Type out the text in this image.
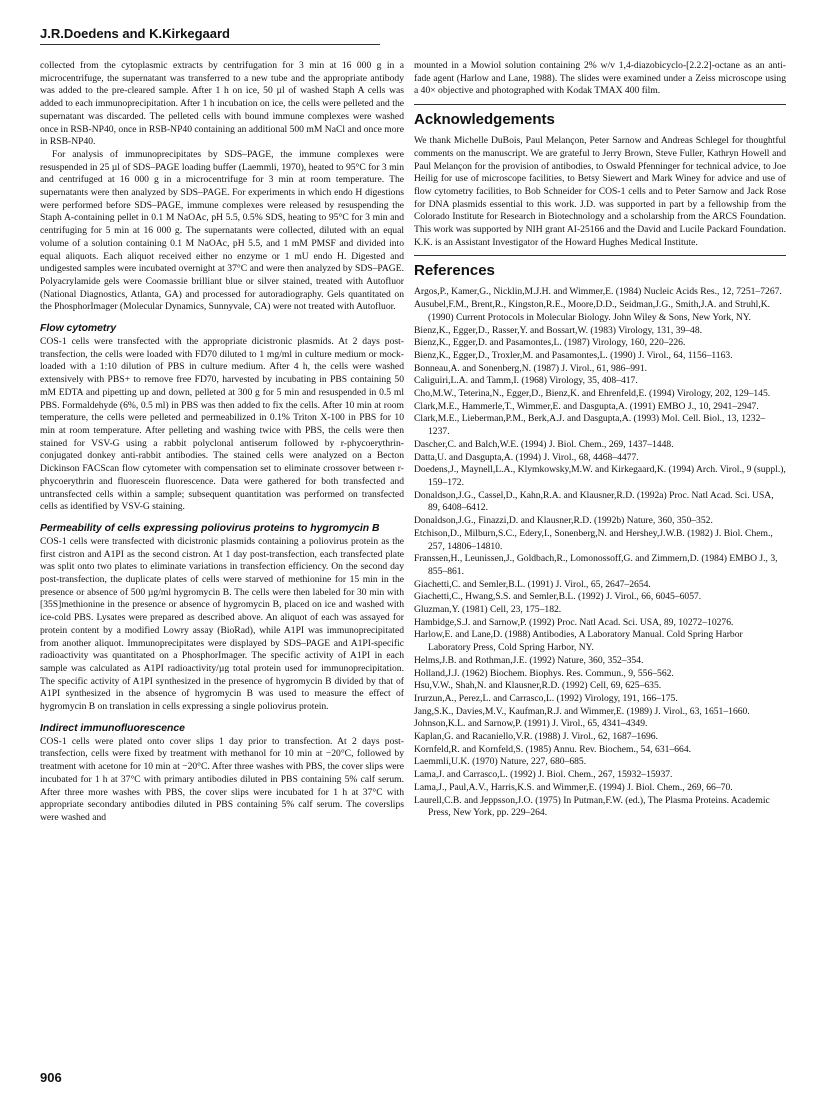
J.R.Doedens and K.Kirkegaard

collected from the cytoplasmic extracts by centrifugation for 3 min at 16 000 g in a microcentrifuge, the supernatant was transferred to a new tube and the appropriate antibody was added to the pre-cleared sample. After 1 h on ice, 50 µl of washed Staph A cells was added to each immunoprecipitation. After 1 h incubation on ice, the cells were pelleted and the supernatant was discarded. The pelleted cells with bound immune complexes were washed once in RSB-NP40, once in RSB-NP40 containing an additional 500 mM NaCl and once more in RSB-NP40.

For analysis of immunoprecipitates by SDS–PAGE, the immune complexes were resuspended in 25 µl of SDS–PAGE loading buffer (Laemmli, 1970), heated to 95°C for 3 min and centrifuged at 16 000 g in a microcentrifuge for 3 min at room temperature. The supernatants were then analyzed by SDS–PAGE. For experiments in which endo H digestions were performed before SDS–PAGE, immune complexes were released by resuspending the Staph A-containing pellet in 0.1 M NaOAc, pH 5.5, 0.5% SDS, heating to 95°C for 3 min and centrifuging for 5 min at 16 000 g. The supernatants were collected, diluted with an equal volume of a solution containing 0.1 M NaOAc, pH 5.5, and 1 mM PMSF and divided into equal aliquots. Each aliquot received either no enzyme or 1 mU endo H. Digested and undigested samples were incubated overnight at 37°C and were then analyzed by SDS–PAGE. Polyacrylamide gels were Coomassie brilliant blue or silver stained, treated with Autofluor (National Diagnostics, Atlanta, GA) and processed for autoradiography. Gels quantitated on the PhosphorImager (Molecular Dynamics, Sunnyvale, CA) were not treated with Autofluor.

Flow cytometry

COS-1 cells were transfected with the appropriate dicistronic plasmids. At 2 days post-transfection, the cells were loaded with FD70 diluted to 1 mg/ml in culture medium or mock-loaded with a 1:10 dilution of PBS in culture medium. After 4 h, the cells were washed extensively with PBS+ to remove free FD70, harvested by incubating in PBS containing 50 mM EDTA and pipetting up and down, pelleted at 300 g for 5 min and resuspended in 0.5 ml PBS. Formaldehyde (6%, 0.5 ml) in PBS was then added to fix the cells. After 10 min at room temperature, the cells were pelleted and permeabilized in 0.1% Triton X-100 in PBS for 10 min at room temperature. After pelleting and washing twice with PBS, the cells were then stained for VSV-G using a rabbit polyclonal antiserum followed by r-phycoerythrin-conjugated donkey anti-rabbit antibodies. The stained cells were analyzed on a Becton Dickinson FACScan flow cytometer with compensation set to eliminate crossover between r-phycoerythrin and fluorescein fluorescence. Data were gathered for both transfected and untransfected cells within a sample; subsequent quantitation was performed on transfected cells as identified by VSV-G staining.

Permeability of cells expressing poliovirus proteins to hygromycin B

COS-1 cells were transfected with dicistronic plasmids containing a poliovirus protein as the first cistron and A1PI as the second cistron. At 1 day post-transfection, each transfected plate was split onto two plates to eliminate variations in transfection efficiency. On the second day post-transfection, the duplicate plates of cells were starved of methionine for 15 min in the presence or absence of 500 µg/ml hygromycin B. The cells were then labeled for 30 min with [35S]methionine in the presence or absence of hygromycin B, placed on ice and washed with ice-cold PBS. Lysates were prepared as described above. An aliquot of each was assayed for protein content by a modified Lowry assay (BioRad), while A1PI was immunoprecipitated from another aliquot. Immunoprecipitates were displayed by SDS–PAGE and A1PI-specific radioactivity was quantitated on a PhosphorImager. The specific activity of A1PI in each sample was calculated as A1PI radioactivity/µg total protein used for immunoprecipitation. The specific activity of A1PI synthesized in the presence of hygromycin B divided by that of A1PI synthesized in the absence of hygromycin B was used to measure the effect of hygromycin B on translation in cells expressing a single poliovirus protein.

Indirect immunofluorescence

COS-1 cells were plated onto cover slips 1 day prior to transfection. At 2 days post-transfection, cells were fixed by treatment with methanol for 10 min at −20°C, followed by treatment with acetone for 10 min at −20°C. After three washes with PBS, the cover slips were incubated for 1 h at 37°C with primary antibodies diluted in PBS containing 5% calf serum. After three more washes with PBS, the cover slips were incubated for 1 h at 37°C with appropriate secondary antibodies diluted in PBS containing 5% calf serum. The coverslips were washed and

mounted in a Mowiol solution containing 2% w/v 1,4-diazobicyclo-[2.2.2]-octane as an anti-fade agent (Harlow and Lane, 1988). The slides were examined under a Zeiss microscope using a 40× objective and photographed with Kodak TMAX 400 film.

Acknowledgements

We thank Michelle DuBois, Paul Melançon, Peter Sarnow and Andreas Schlegel for thoughtful comments on the manuscript. We are grateful to Jerry Brown, Steve Fuller, Kathryn Howell and Paul Melançon for the provision of antibodies, to Oswald Pfenninger for technical advice, to Joe Heilig for use of microscope facilities, to Betsy Siewert and Mark Winey for advice and use of flow cytometry facilities, to Bob Schneider for COS-1 cells and to Peter Sarnow and Jack Rose for DNA plasmids essential to this work. J.D. was supported in part by a fellowship from the Colorado Institute for Research in Biotechnology and a scholarship from the ARCS Foundation. This work was supported by NIH grant AI-25166 and the David and Lucile Packard Foundation. K.K. is an Assistant Investigator of the Howard Hughes Medical Institute.

References

Argos,P., Kamer,G., Nicklin,M.J.H. and Wimmer,E. (1984) Nucleic Acids Res., 12, 7251–7267.

Ausubel,F.M., Brent,R., Kingston,R.E., Moore,D.D., Seidman,J.G., Smith,J.A. and Struhl,K. (1990) Current Protocols in Molecular Biology. John Wiley & Sons, New York, NY.

Bienz,K., Egger,D., Rasser,Y. and Bossart,W. (1983) Virology, 131, 39–48.

Bienz,K., Egger,D. and Pasamontes,L. (1987) Virology, 160, 220–226.

Bienz,K., Egger,D., Troxler,M. and Pasamontes,L. (1990) J. Virol., 64, 1156–1163.

Bonneau,A. and Sonenberg,N. (1987) J. Virol., 61, 986–991.

Caliguiri,L.A. and Tamm,I. (1968) Virology, 35, 408–417.

Cho,M.W., Teterina,N., Egger,D., Bienz,K. and Ehrenfeld,E. (1994) Virology, 202, 129–145.

Clark,M.E., Hammerle,T., Wimmer,E. and Dasgupta,A. (1991) EMBO J., 10, 2941–2947.

Clark,M.E., Lieberman,P.M., Berk,A.J. and Dasgupta,A. (1993) Mol. Cell. Biol., 13, 1232–1237.

Dascher,C. and Balch,W.E. (1994) J. Biol. Chem., 269, 1437–1448.

Datta,U. and Dasgupta,A. (1994) J. Virol., 68, 4468–4477.

Doedens,J., Maynell,L.A., Klymkowsky,M.W. and Kirkegaard,K. (1994) Arch. Virol., 9 (suppl.), 159–172.

Donaldson,J.G., Cassel,D., Kahn,R.A. and Klausner,R.D. (1992a) Proc. Natl Acad. Sci. USA, 89, 6408–6412.

Donaldson,J.G., Finazzi,D. and Klausner,R.D. (1992b) Nature, 360, 350–352.

Etchison,D., Milburn,S.C., Edery,I., Sonenberg,N. and Hershey,J.W.B. (1982) J. Biol. Chem., 257, 14806–14810.

Franssen,H., Leunissen,J., Goldbach,R., Lomonossoff,G. and Zimmern,D. (1984) EMBO J., 3, 855–861.

Giachetti,C. and Semler,B.L. (1991) J. Virol., 65, 2647–2654.

Giachetti,C., Hwang,S.S. and Semler,B.L. (1992) J. Virol., 66, 6045–6057.

Gluzman,Y. (1981) Cell, 23, 175–182.

Hambidge,S.J. and Sarnow,P. (1992) Proc. Natl Acad. Sci. USA, 89, 10272–10276.

Harlow,E. and Lane,D. (1988) Antibodies, A Laboratory Manual. Cold Spring Harbor Laboratory Press, Cold Spring Harbor, NY.

Helms,J.B. and Rothman,J.E. (1992) Nature, 360, 352–354.

Holland,J.J. (1962) Biochem. Biophys. Res. Commun., 9, 556–562.

Hsu,V.W., Shah,N. and Klausner,R.D. (1992) Cell, 69, 625–635.

Irurzun,A., Perez,L. and Carrasco,L. (1992) Virology, 191, 166–175.

Jang,S.K., Davies,M.V., Kaufman,R.J. and Wimmer,E. (1989) J. Virol., 63, 1651–1660.

Johnson,K.L. and Sarnow,P. (1991) J. Virol., 65, 4341–4349.

Kaplan,G. and Racaniello,V.R. (1988) J. Virol., 62, 1687–1696.

Kornfeld,R. and Kornfeld,S. (1985) Annu. Rev. Biochem., 54, 631–664.

Laemmli,U.K. (1970) Nature, 227, 680–685.

Lama,J. and Carrasco,L. (1992) J. Biol. Chem., 267, 15932–15937.

Lama,J., Paul,A.V., Harris,K.S. and Wimmer,E. (1994) J. Biol. Chem., 269, 66–70.

Laurell,C.B. and Jeppsson,J.O. (1975) In Putman,F.W. (ed.), The Plasma Proteins. Academic Press, New York, pp. 229–264.

906
